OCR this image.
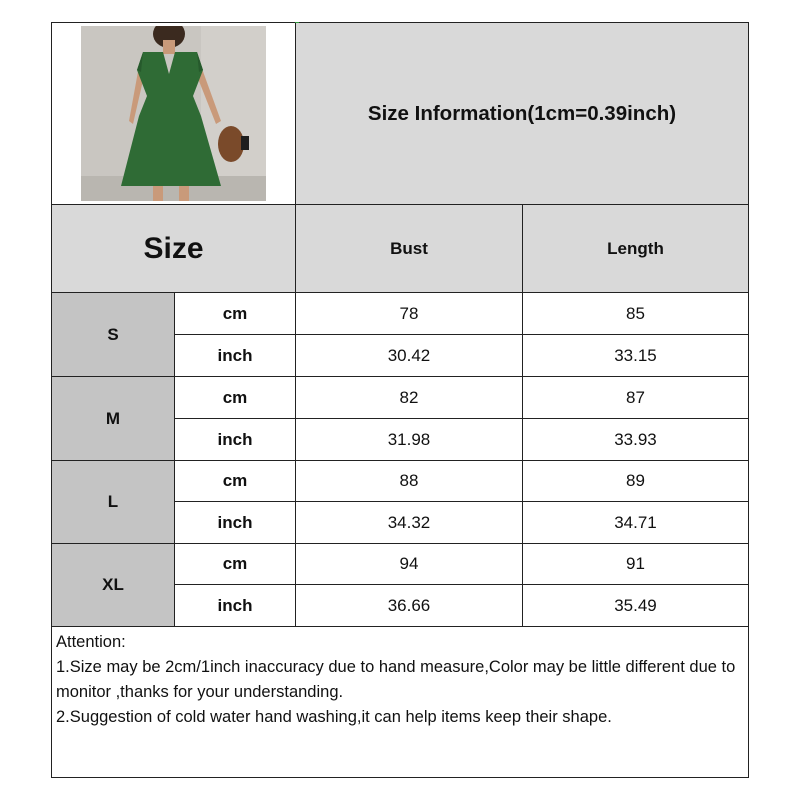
Size Information(1cm=0.39inch)
Size	Bust	Length
S
cm	78	85
inch	30.42	33.15
M
cm	82	87
inch	31.98	33.93
L
cm	88	89
inch	34.32	34.71
XL
cm	94	91
inch	36.66	35.49
Attention:
1.Size may be 2cm/1inch inaccuracy due to hand measure,Color may be little different due to monitor ,thanks for your understanding.
2.Suggestion of cold water hand washing,it can help items keep their shape.
